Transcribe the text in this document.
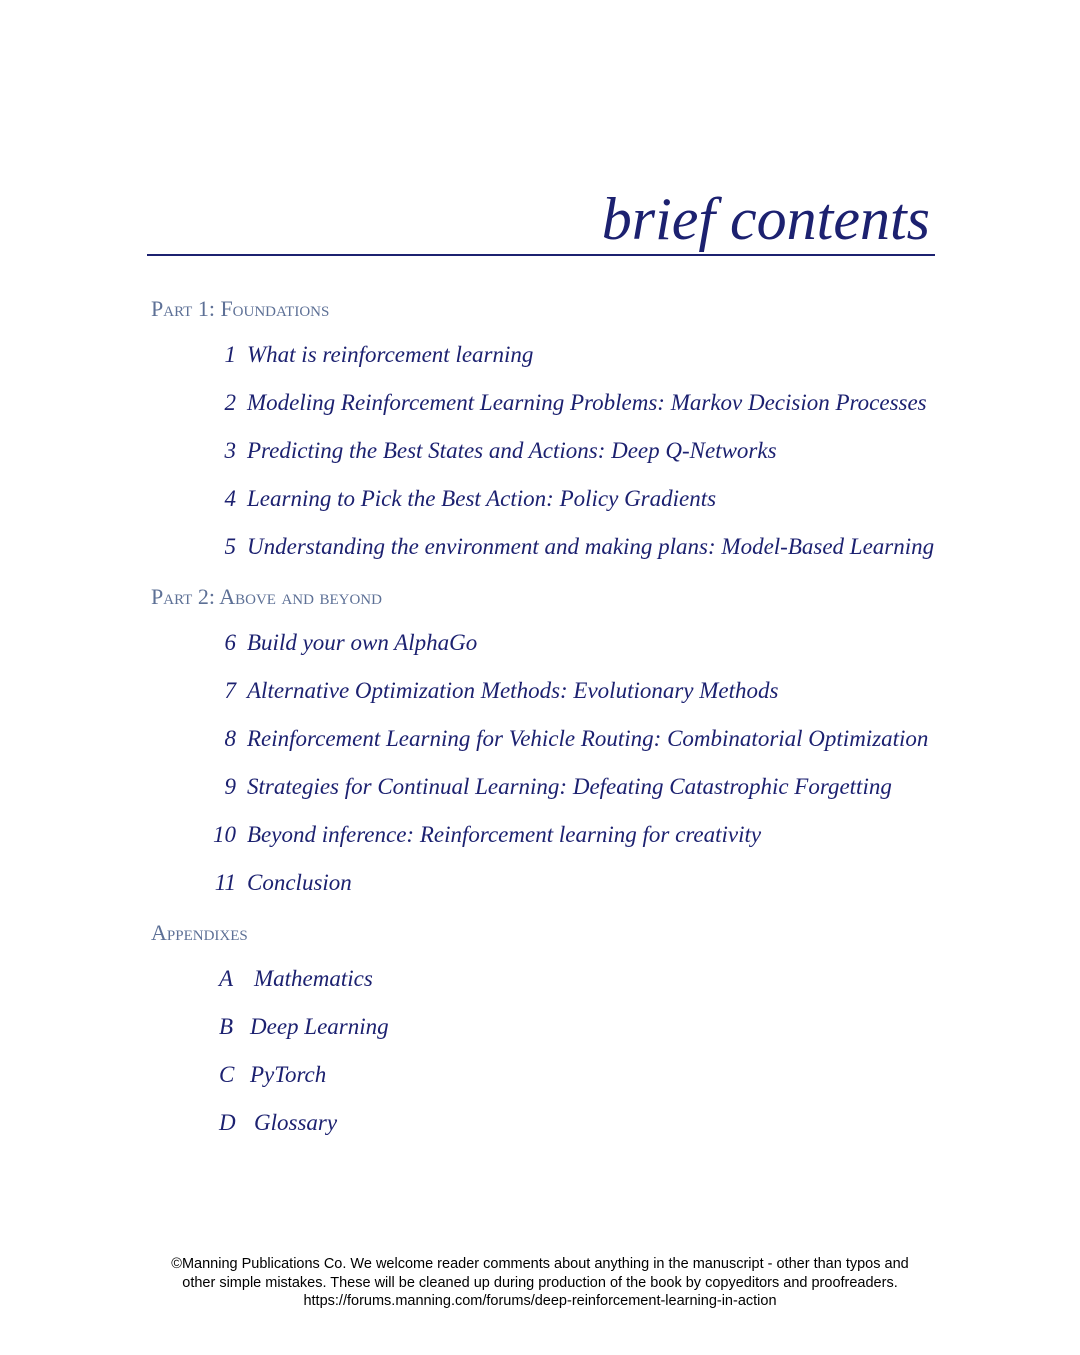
brief contents
Part 1: Foundations
1 What is reinforcement learning
2 Modeling Reinforcement Learning Problems: Markov Decision Processes
3 Predicting the Best States and Actions: Deep Q-Networks
4 Learning to Pick the Best Action: Policy Gradients
5 Understanding the environment and making plans: Model-Based Learning
Part 2: Above and beyond
6 Build your own AlphaGo
7 Alternative Optimization Methods: Evolutionary Methods
8 Reinforcement Learning for Vehicle Routing: Combinatorial Optimization
9 Strategies for Continual Learning: Defeating Catastrophic Forgetting
10 Beyond inference: Reinforcement learning for creativity
11 Conclusion
Appendixes
A Mathematics
B Deep Learning
C PyTorch
D Glossary
©Manning Publications Co. We welcome reader comments about anything in the manuscript - other than typos and
other simple mistakes. These will be cleaned up during production of the book by copyeditors and proofreaders.
https://forums.manning.com/forums/deep-reinforcement-learning-in-action
